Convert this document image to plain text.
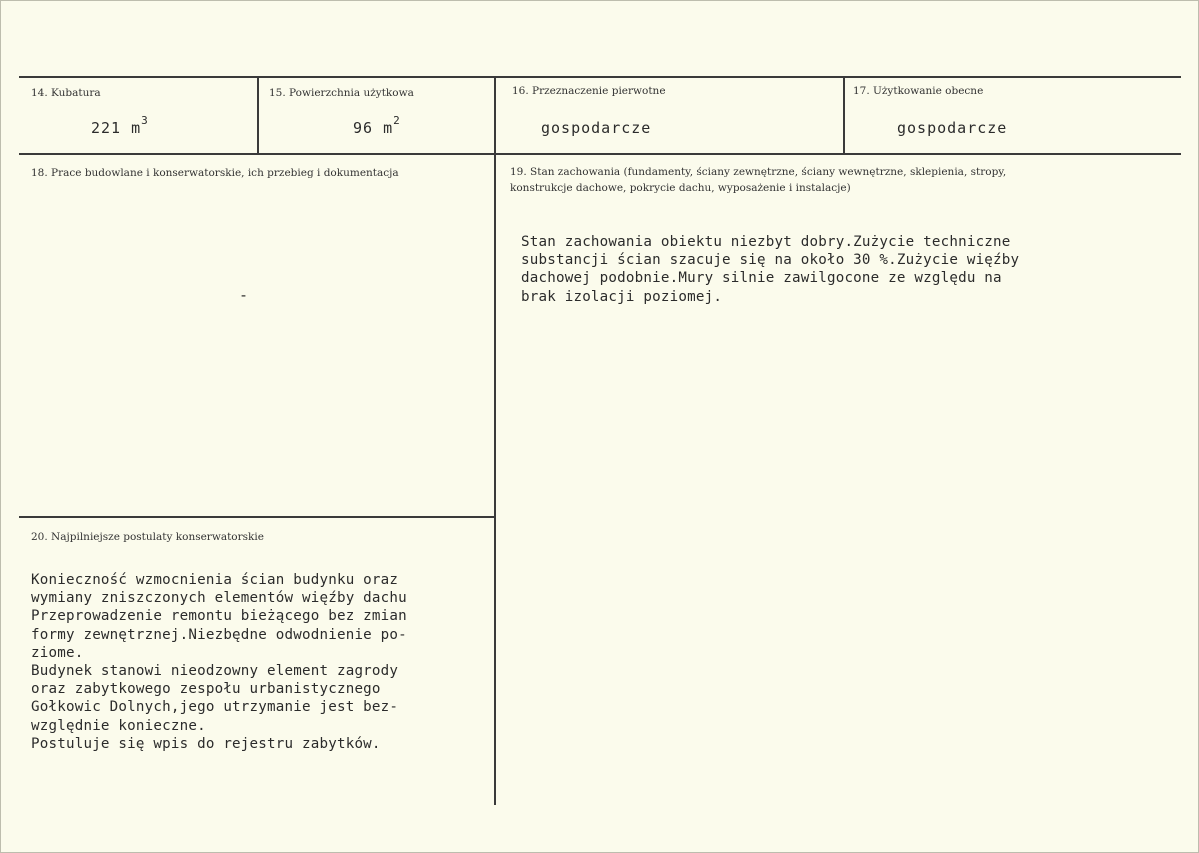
14. Kubatura
221 $m^3$
15. Powierzchnia użytkowa
96 $m^2$
16. Przeznaczenie pierwotne
gospodarcze
17. Użytkowanie obecne
gospodarcze
18. Prace budowlane i konserwatorskie, ich przebieg i dokumentacja
-
19. Stan zachowania (fundamenty, ściany zewnętrzne, ściany wewnętrzne, sklepienia, stropy,
konstrukcje dachowe, pokrycie dachu, wyposażenie i instalacje)
Stan zachowania obiektu niezbyt dobry.Zużycie techniczne
substancji ścian szacuje się na około 30 %.Zużycie więźby
dachowej podobnie.Mury silnie zawilgocone ze względu na
brak izolacji poziomej.
20. Najpilniejsze postulaty konserwatorskie
Konieczność wzmocnienia ścian budynku oraz
wymiany zniszczonych elementów więźby dachu
Przeprowadzenie remontu bieżącego bez zmian
formy zewnętrznej.Niezbędne odwodnienie po-
ziome.
Budynek stanowi nieodzowny element zagrody
oraz zabytkowego zespołu urbanistycznego
Gołkowic Dolnych,jego utrzymanie jest bez-
względnie konieczne.
Postuluje się wpis do rejestru zabytków.
